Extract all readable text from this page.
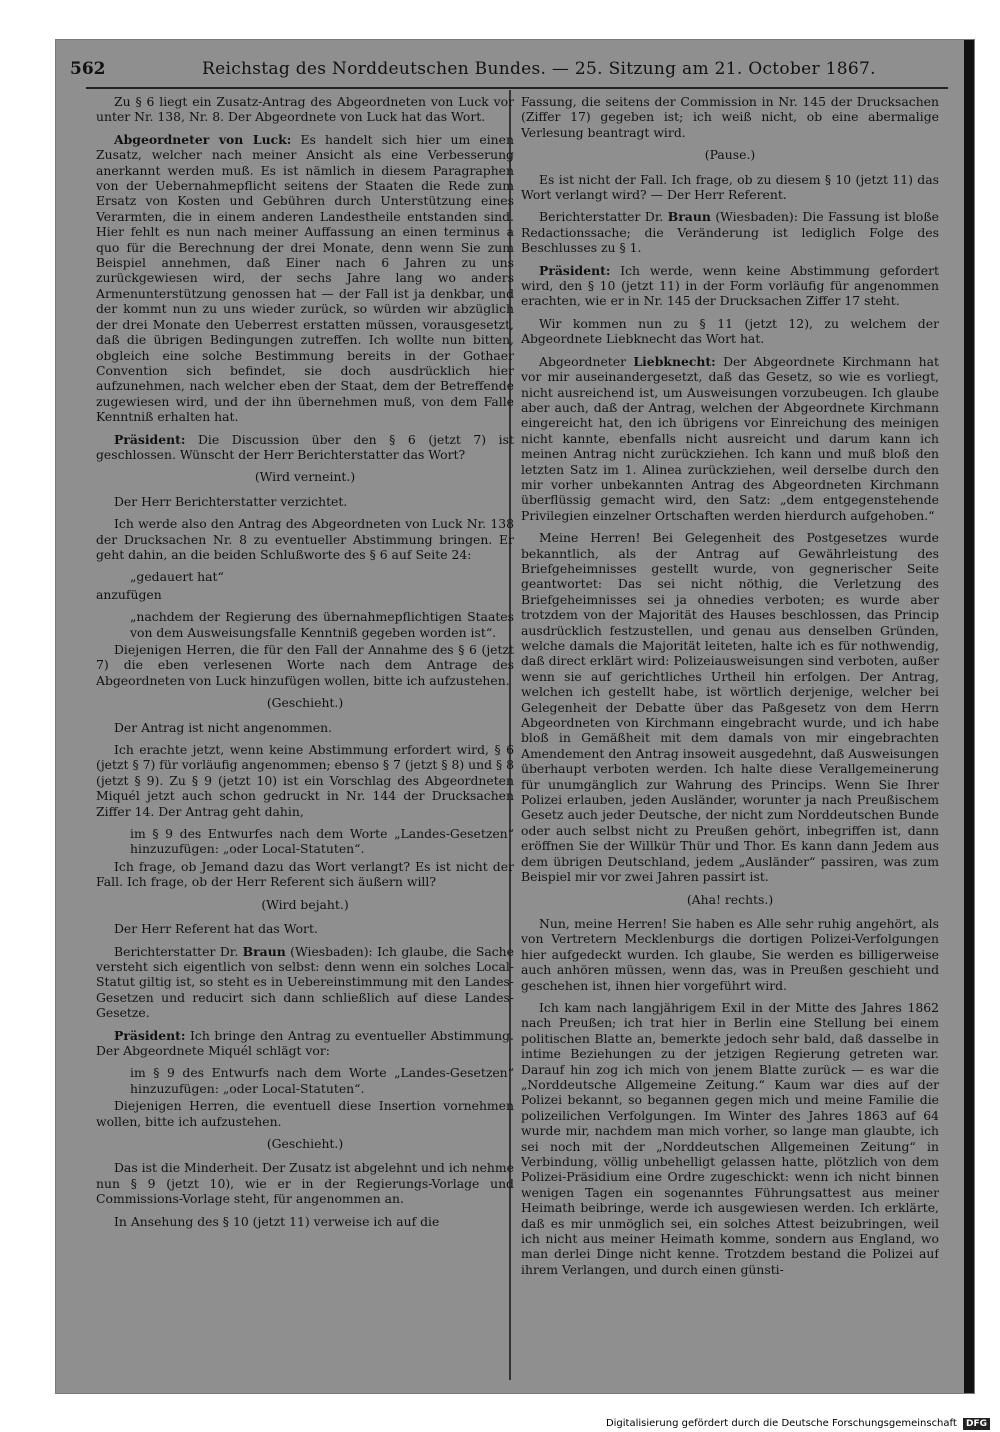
562	Reichstag des Norddeutschen Bundes. — 25. Sitzung am 21. October 1867.
Zu § 6 liegt ein Zusatz-Antrag des Abgeordneten von Luck vor unter Nr. 138, Nr. 8. Der Abgeordnete von Luck hat das Wort.
Abgeordneter von Luck: Es handelt sich hier um einen Zusatz, welcher nach meiner Ansicht als eine Verbesserung anerkannt werden muß. Es ist nämlich in diesem Paragraphen von der Uebernahmepflicht seitens der Staaten die Rede zum Ersatz von Kosten und Gebühren durch Unterstützung eines Verarmten, die in einem anderen Landestheile entstanden sind. Hier fehlt es nun nach meiner Auffassung an einen terminus a quo für die Berechnung der drei Monate, denn wenn Sie zum Beispiel annehmen, daß Einer nach 6 Jahren zu uns zurückgewiesen wird, der sechs Jahre lang wo anders Armenunterstützung genossen hat — der Fall ist ja denkbar, und der kommt nun zu uns wieder zurück, so würden wir abzüglich der drei Monate den Ueberrest erstatten müssen, vorausgesetzt, daß die übrigen Bedingungen zutreffen. Ich wollte nun bitten, obgleich eine solche Bestimmung bereits in der Gothaer Convention sich befindet, sie doch ausdrücklich hier aufzunehmen, nach welcher eben der Staat, dem der Betreffende zugewiesen wird, und der ihn übernehmen muß, von dem Falle Kenntniß erhalten hat.
Präsident: Die Discussion über den § 6 (jetzt 7) ist geschlossen. Wünscht der Herr Berichterstatter das Wort?
(Wird verneint.)
Der Herr Berichterstatter verzichtet.
Ich werde also den Antrag des Abgeordneten von Luck Nr. 138 der Drucksachen Nr. 8 zu eventueller Abstimmung bringen. Er geht dahin, an die beiden Schlußworte des § 6 auf Seite 24:
„gedauert hat“
anzufügen
„nachdem der Regierung des übernahmepflichtigen Staates von dem Ausweisungsfalle Kenntniß gegeben worden ist“.
Diejenigen Herren, die für den Fall der Annahme des § 6 (jetzt 7) die eben verlesenen Worte nach dem Antrage des Abgeordneten von Luck hinzufügen wollen, bitte ich aufzustehen.
(Geschieht.)
Der Antrag ist nicht angenommen.
Ich erachte jetzt, wenn keine Abstimmung erfordert wird, § 6 (jetzt § 7) für vorläufig angenommen; ebenso § 7 (jetzt § 8) und § 8 (jetzt § 9). Zu § 9 (jetzt 10) ist ein Vorschlag des Abgeordneten Miquél jetzt auch schon gedruckt in Nr. 144 der Drucksachen Ziffer 14. Der Antrag geht dahin,
im § 9 des Entwurfes nach dem Worte „Landes-Gesetzen“ hinzuzufügen: „oder Local-Statuten“.
Ich frage, ob Jemand dazu das Wort verlangt? Es ist nicht der Fall. Ich frage, ob der Herr Referent sich äußern will?
(Wird bejaht.)
Der Herr Referent hat das Wort.
Berichterstatter Dr. Braun (Wiesbaden): Ich glaube, die Sache versteht sich eigentlich von selbst: denn wenn ein solches Local-Statut giltig ist, so steht es in Uebereinstimmung mit den Landes-Gesetzen und reducirt sich dann schließlich auf diese Landes-Gesetze.
Präsident: Ich bringe den Antrag zu eventueller Abstimmung. Der Abgeordnete Miquél schlägt vor:
im § 9 des Entwurfs nach dem Worte „Landes-Gesetzen“ hinzuzufügen: „oder Local-Statuten“.
Diejenigen Herren, die eventuell diese Insertion vornehmen wollen, bitte ich aufzustehen.
(Geschieht.)
Das ist die Minderheit. Der Zusatz ist abgelehnt und ich nehme nun § 9 (jetzt 10), wie er in der Regierungs-Vorlage und Commissions-Vorlage steht, für angenommen an.
In Ansehung des § 10 (jetzt 11) verweise ich auf die
Fassung, die seitens der Commission in Nr. 145 der Drucksachen (Ziffer 17) gegeben ist; ich weiß nicht, ob eine abermalige Verlesung beantragt wird.
(Pause.)
Es ist nicht der Fall. Ich frage, ob zu diesem § 10 (jetzt 11) das Wort verlangt wird? — Der Herr Referent.
Berichterstatter Dr. Braun (Wiesbaden): Die Fassung ist bloße Redactionssache; die Veränderung ist lediglich Folge des Beschlusses zu § 1.
Präsident: Ich werde, wenn keine Abstimmung gefordert wird, den § 10 (jetzt 11) in der Form vorläufig für angenommen erachten, wie er in Nr. 145 der Drucksachen Ziffer 17 steht.
Wir kommen nun zu § 11 (jetzt 12), zu welchem der Abgeordnete Liebknecht das Wort hat.
Abgeordneter Liebknecht: Der Abgeordnete Kirchmann hat vor mir auseinandergesetzt, daß das Gesetz, so wie es vorliegt, nicht ausreichend ist, um Ausweisungen vorzubeugen. Ich glaube aber auch, daß der Antrag, welchen der Abgeordnete Kirchmann eingereicht hat, den ich übrigens vor Einreichung des meinigen nicht kannte, ebenfalls nicht ausreicht und darum kann ich meinen Antrag nicht zurückziehen. Ich kann und muß bloß den letzten Satz im 1. Alinea zurückziehen, weil derselbe durch den mir vorher unbekannten Antrag des Abgeordneten Kirchmann überflüssig gemacht wird, den Satz: „dem entgegenstehende Privilegien einzelner Ortschaften werden hierdurch aufgehoben.“
Meine Herren! Bei Gelegenheit des Postgesetzes wurde bekanntlich, als der Antrag auf Gewährleistung des Briefgeheimnisses gestellt wurde, von gegnerischer Seite geantwortet: Das sei nicht nöthig, die Verletzung des Briefgeheimnisses sei ja ohnedies verboten; es wurde aber trotzdem von der Majorität des Hauses beschlossen, das Princip ausdrücklich festzustellen, und genau aus denselben Gründen, welche damals die Majorität leiteten, halte ich es für nothwendig, daß direct erklärt wird: Polizeiausweisungen sind verboten, außer wenn sie auf gerichtliches Urtheil hin erfolgen. Der Antrag, welchen ich gestellt habe, ist wörtlich derjenige, welcher bei Gelegenheit der Debatte über das Paßgesetz von dem Herrn Abgeordneten von Kirchmann eingebracht wurde, und ich habe bloß in Gemäßheit mit dem damals von mir eingebrachten Amendement den Antrag insoweit ausgedehnt, daß Ausweisungen überhaupt verboten werden. Ich halte diese Verallgemeinerung für unumgänglich zur Wahrung des Princips. Wenn Sie Ihrer Polizei erlauben, jeden Ausländer, worunter ja nach Preußischem Gesetz auch jeder Deutsche, der nicht zum Norddeutschen Bunde oder auch selbst nicht zu Preußen gehört, inbegriffen ist, dann eröffnen Sie der Willkür Thür und Thor. Es kann dann Jedem aus dem übrigen Deutschland, jedem „Ausländer“ passiren, was zum Beispiel mir vor zwei Jahren passirt ist.
(Aha! rechts.)
Nun, meine Herren! Sie haben es Alle sehr ruhig angehört, als von Vertretern Mecklenburgs die dortigen Polizei-Verfolgungen hier aufgedeckt wurden. Ich glaube, Sie werden es billigerweise auch anhören müssen, wenn das, was in Preußen geschieht und geschehen ist, ihnen hier vorgeführt wird.
Ich kam nach langjährigem Exil in der Mitte des Jahres 1862 nach Preußen; ich trat hier in Berlin eine Stellung bei einem politischen Blatte an, bemerkte jedoch sehr bald, daß dasselbe in intime Beziehungen zu der jetzigen Regierung getreten war. Darauf hin zog ich mich von jenem Blatte zurück — es war die „Norddeutsche Allgemeine Zeitung.“ Kaum war dies auf der Polizei bekannt, so begannen gegen mich und meine Familie die polizeilichen Verfolgungen. Im Winter des Jahres 1863 auf 64 wurde mir, nachdem man mich vorher, so lange man glaubte, ich sei noch mit der „Norddeutschen Allgemeinen Zeitung“ in Verbindung, völlig unbehelligt gelassen hatte, plötzlich von dem Polizei-Präsidium eine Ordre zugeschickt: wenn ich nicht binnen wenigen Tagen ein sogenanntes Führungsattest aus meiner Heimath beibringe, werde ich ausgewiesen werden. Ich erklärte, daß es mir unmöglich sei, ein solches Attest beizubringen, weil ich nicht aus meiner Heimath komme, sondern aus England, wo man derlei Dinge nicht kenne. Trotzdem bestand die Polizei auf ihrem Verlangen, und durch einen günsti-
Digitalisierung gefördert durch die Deutsche Forschungsgemeinschaft DFG
